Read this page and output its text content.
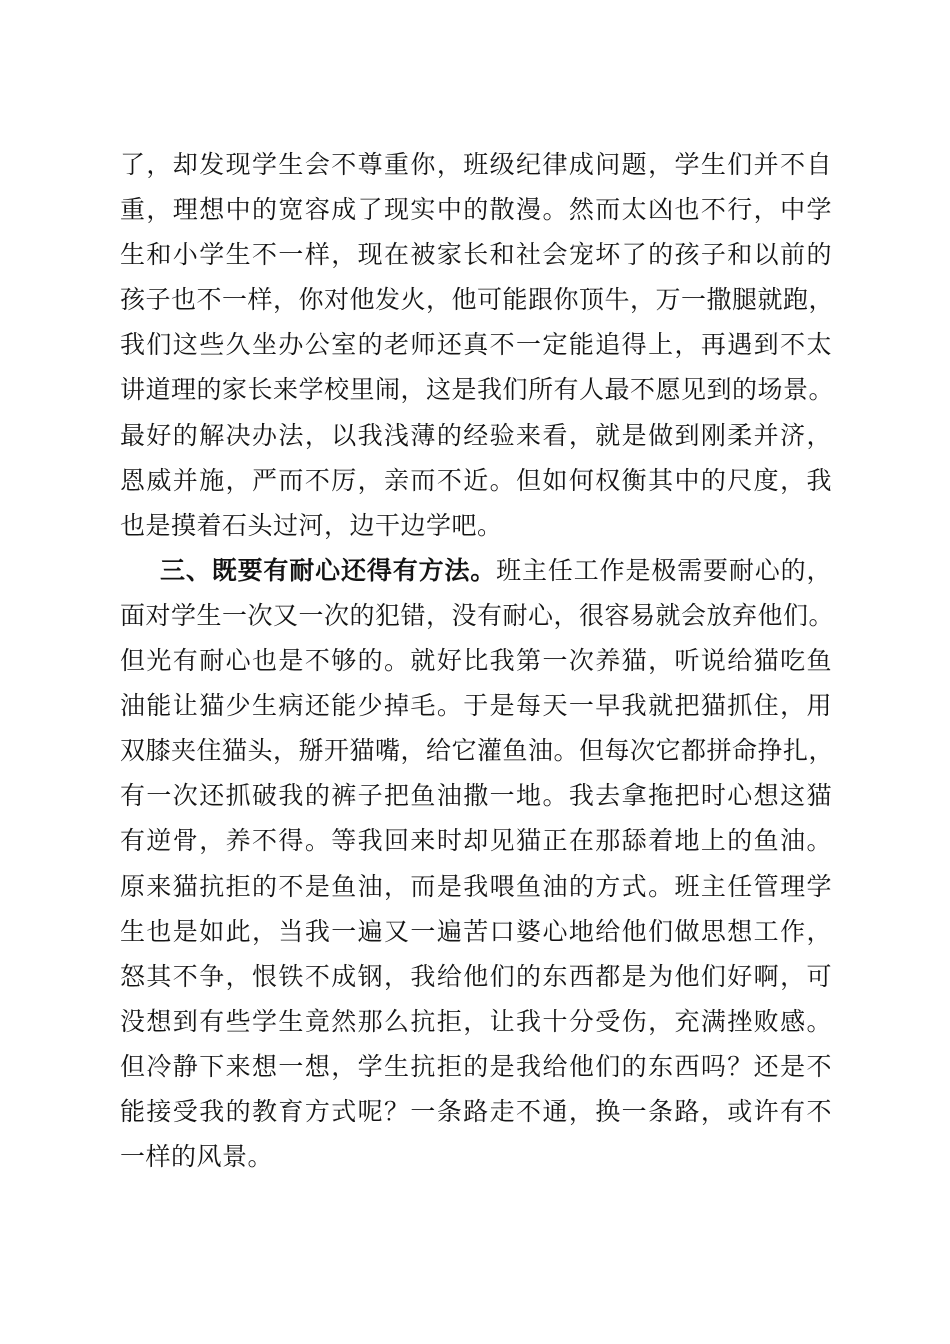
了，却发现学生会不尊重你，班级纪律成问题，学生们并不自
重，理想中的宽容成了现实中的散漫。然而太凶也不行，中学
生和小学生不一样，现在被家长和社会宠坏了的孩子和以前的
孩子也不一样，你对他发火，他可能跟你顶牛，万一撒腿就跑，
我们这些久坐办公室的老师还真不一定能追得上，再遇到不太
讲道理的家长来学校里闹，这是我们所有人最不愿见到的场景。
最好的解决办法，以我浅薄的经验来看，就是做到刚柔并济，
恩威并施，严而不厉，亲而不近。但如何权衡其中的尺度，我
也是摸着石头过河，边干边学吧。
三、既要有耐心还得有方法。班主任工作是极需要耐心的，
面对学生一次又一次的犯错，没有耐心，很容易就会放弃他们。
但光有耐心也是不够的。就好比我第一次养猫，听说给猫吃鱼
油能让猫少生病还能少掉毛。于是每天一早我就把猫抓住，用
双膝夹住猫头，掰开猫嘴，给它灌鱼油。但每次它都拼命挣扎，
有一次还抓破我的裤子把鱼油撒一地。我去拿拖把时心想这猫
有逆骨，养不得。等我回来时却见猫正在那舔着地上的鱼油。
原来猫抗拒的不是鱼油，而是我喂鱼油的方式。班主任管理学
生也是如此，当我一遍又一遍苦口婆心地给他们做思想工作，
怒其不争，恨铁不成钢，我给他们的东西都是为他们好啊，可
没想到有些学生竟然那么抗拒，让我十分受伤，充满挫败感。
但冷静下来想一想，学生抗拒的是我给他们的东西吗？还是不
能接受我的教育方式呢？一条路走不通，换一条路，或许有不
一样的风景。
